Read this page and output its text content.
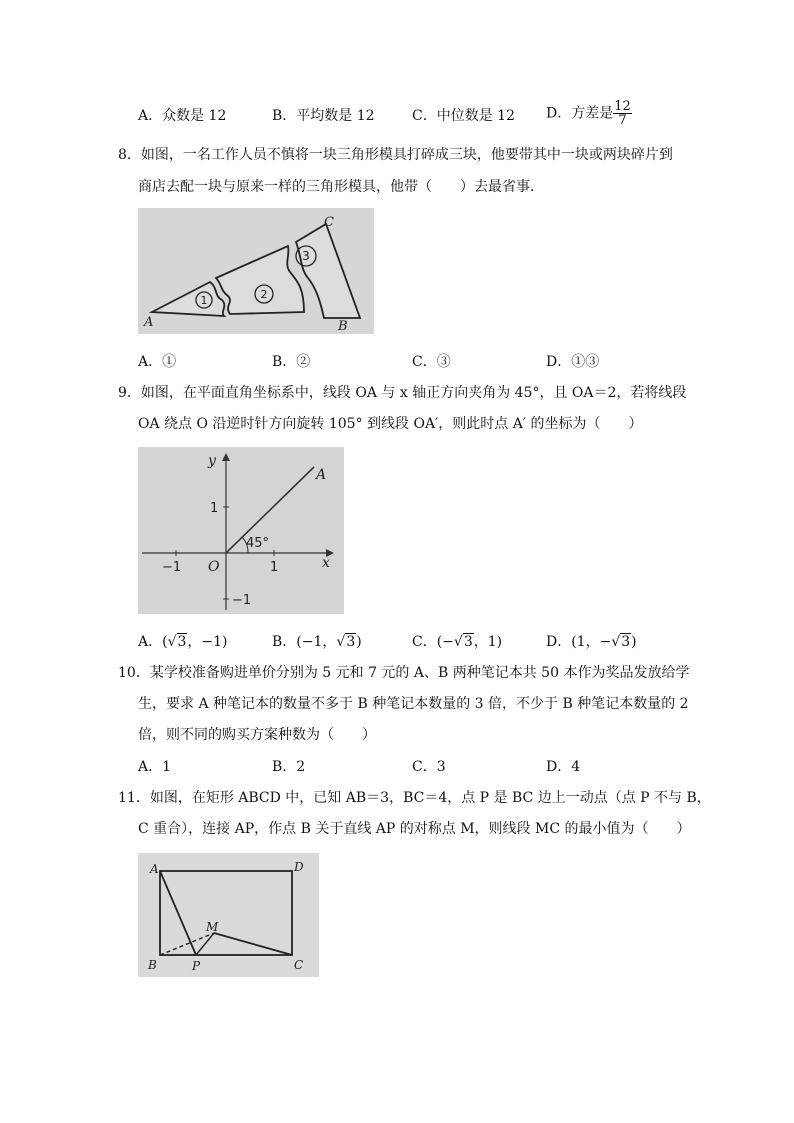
A．众数是 12	B．平均数是 12	C．中位数是 12 D．方差是 $\frac{12}{7}$
8．如图，一名工作人员不慎将一块三角形模具打碎成三块，他要带其中一块或两块碎片到
商店去配一块与原来一样的三角形模具，他带（　　）去最省事．
1	2
3
A	B
C
A．①	B．②	C．③	D．①③
9．如图，在平面直角坐标系中，线段 OA 与 x 轴正方向夹角为 45°，且 OA＝2，若将线段
OA 绕点 O 沿逆时针方向旋转 105° 到线段 OA′，则此时点 A′ 的坐标为（　　）
y
x
O
A
1
−1	1
−1
45°
A．(√3，−1)	B．(−1，√3)	C．(−√3，1)	D．(1，−√3)
10．某学校准备购进单价分别为 5 元和 7 元的 A、B 两种笔记本共 50 本作为奖品发放给学
生，要求 A 种笔记本的数量不多于 B 种笔记本数量的 3 倍，不少于 B 种笔记本数量的 2
倍，则不同的购买方案种数为（　　）
A．1	B．2	C．3	D．4
11．如图，在矩形 ABCD 中，已知 AB＝3，BC＝4，点 P 是 BC 边上一动点（点 P 不与 B，
C 重合），连接 AP，作点 B 关于直线 AP 的对称点 M，则线段 MC 的最小值为（　　）
A	D
B	C
M
P
